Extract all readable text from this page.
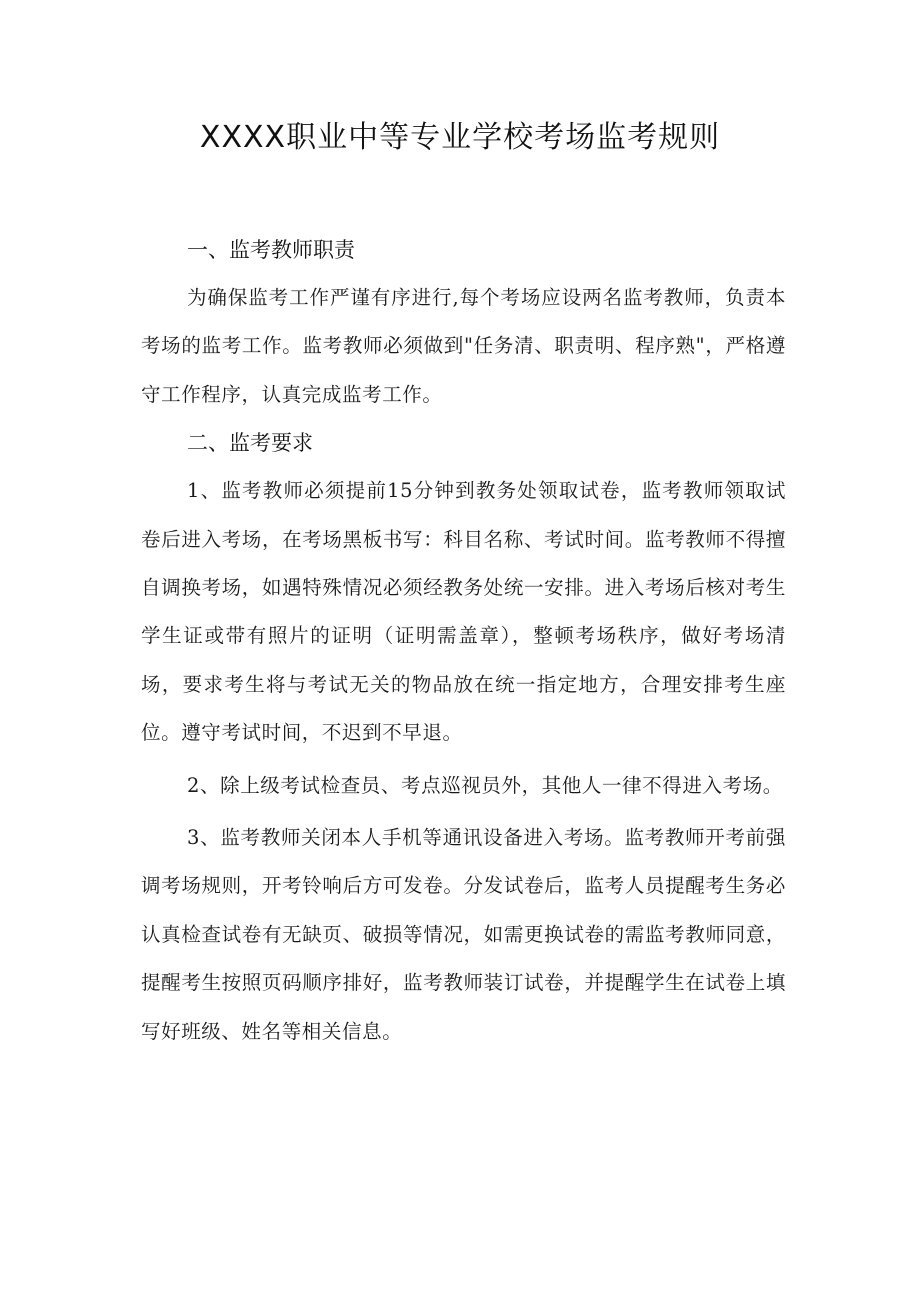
XXXX职业中等专业学校考场监考规则
一、监考教师职责

为确保监考工作严谨有序进行,每个考场应设两名监考教师，负责本考场的监考工作。监考教师必须做到"任务清、职责明、程序熟"，严格遵守工作程序，认真完成监考工作。

二、监考要求

1、监考教师必须提前15分钟到教务处领取试卷，监考教师领取试卷后进入考场，在考场黑板书写：科目名称、考试时间。监考教师不得擅自调换考场，如遇特殊情况必须经教务处统一安排。进入考场后核对考生学生证或带有照片的证明（证明需盖章），整顿考场秩序，做好考场清场，要求考生将与考试无关的物品放在统一指定地方，合理安排考生座位。遵守考试时间，不迟到不早退。

2、除上级考试检查员、考点巡视员外，其他人一律不得进入考场。

3、监考教师关闭本人手机等通讯设备进入考场。监考教师开考前强调考场规则，开考铃响后方可发卷。分发试卷后，监考人员提醒考生务必认真检查试卷有无缺页、破损等情况，如需更换试卷的需监考教师同意，提醒考生按照页码顺序排好，监考教师装订试卷，并提醒学生在试卷上填写好班级、姓名等相关信息。
